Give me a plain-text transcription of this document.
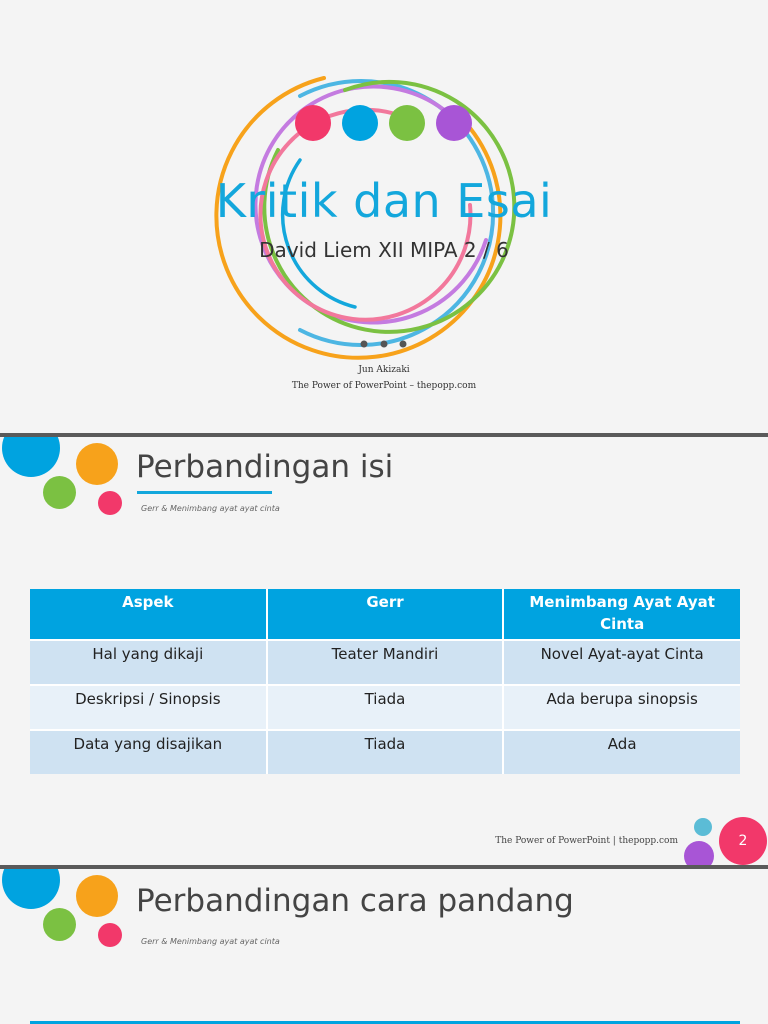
Kritik dan Esai
David Liem XII MIPA 2 / 6
Jun Akizaki
The Power of PowerPoint – thepopp.com
Perbandingan isi
Gerr & Menimbang ayat ayat cinta
Aspek	Gerr	Menimbang Ayat Ayat Cinta
Hal yang dikaji	Teater Mandiri	Novel Ayat-ayat Cinta
Deskripsi / Sinopsis	Tiada	Ada berupa sinopsis
Data yang disajikan	Tiada	Ada
The Power of PowerPoint | thepopp.com	2
Perbandingan cara pandang
Gerr & Menimbang ayat ayat cinta
